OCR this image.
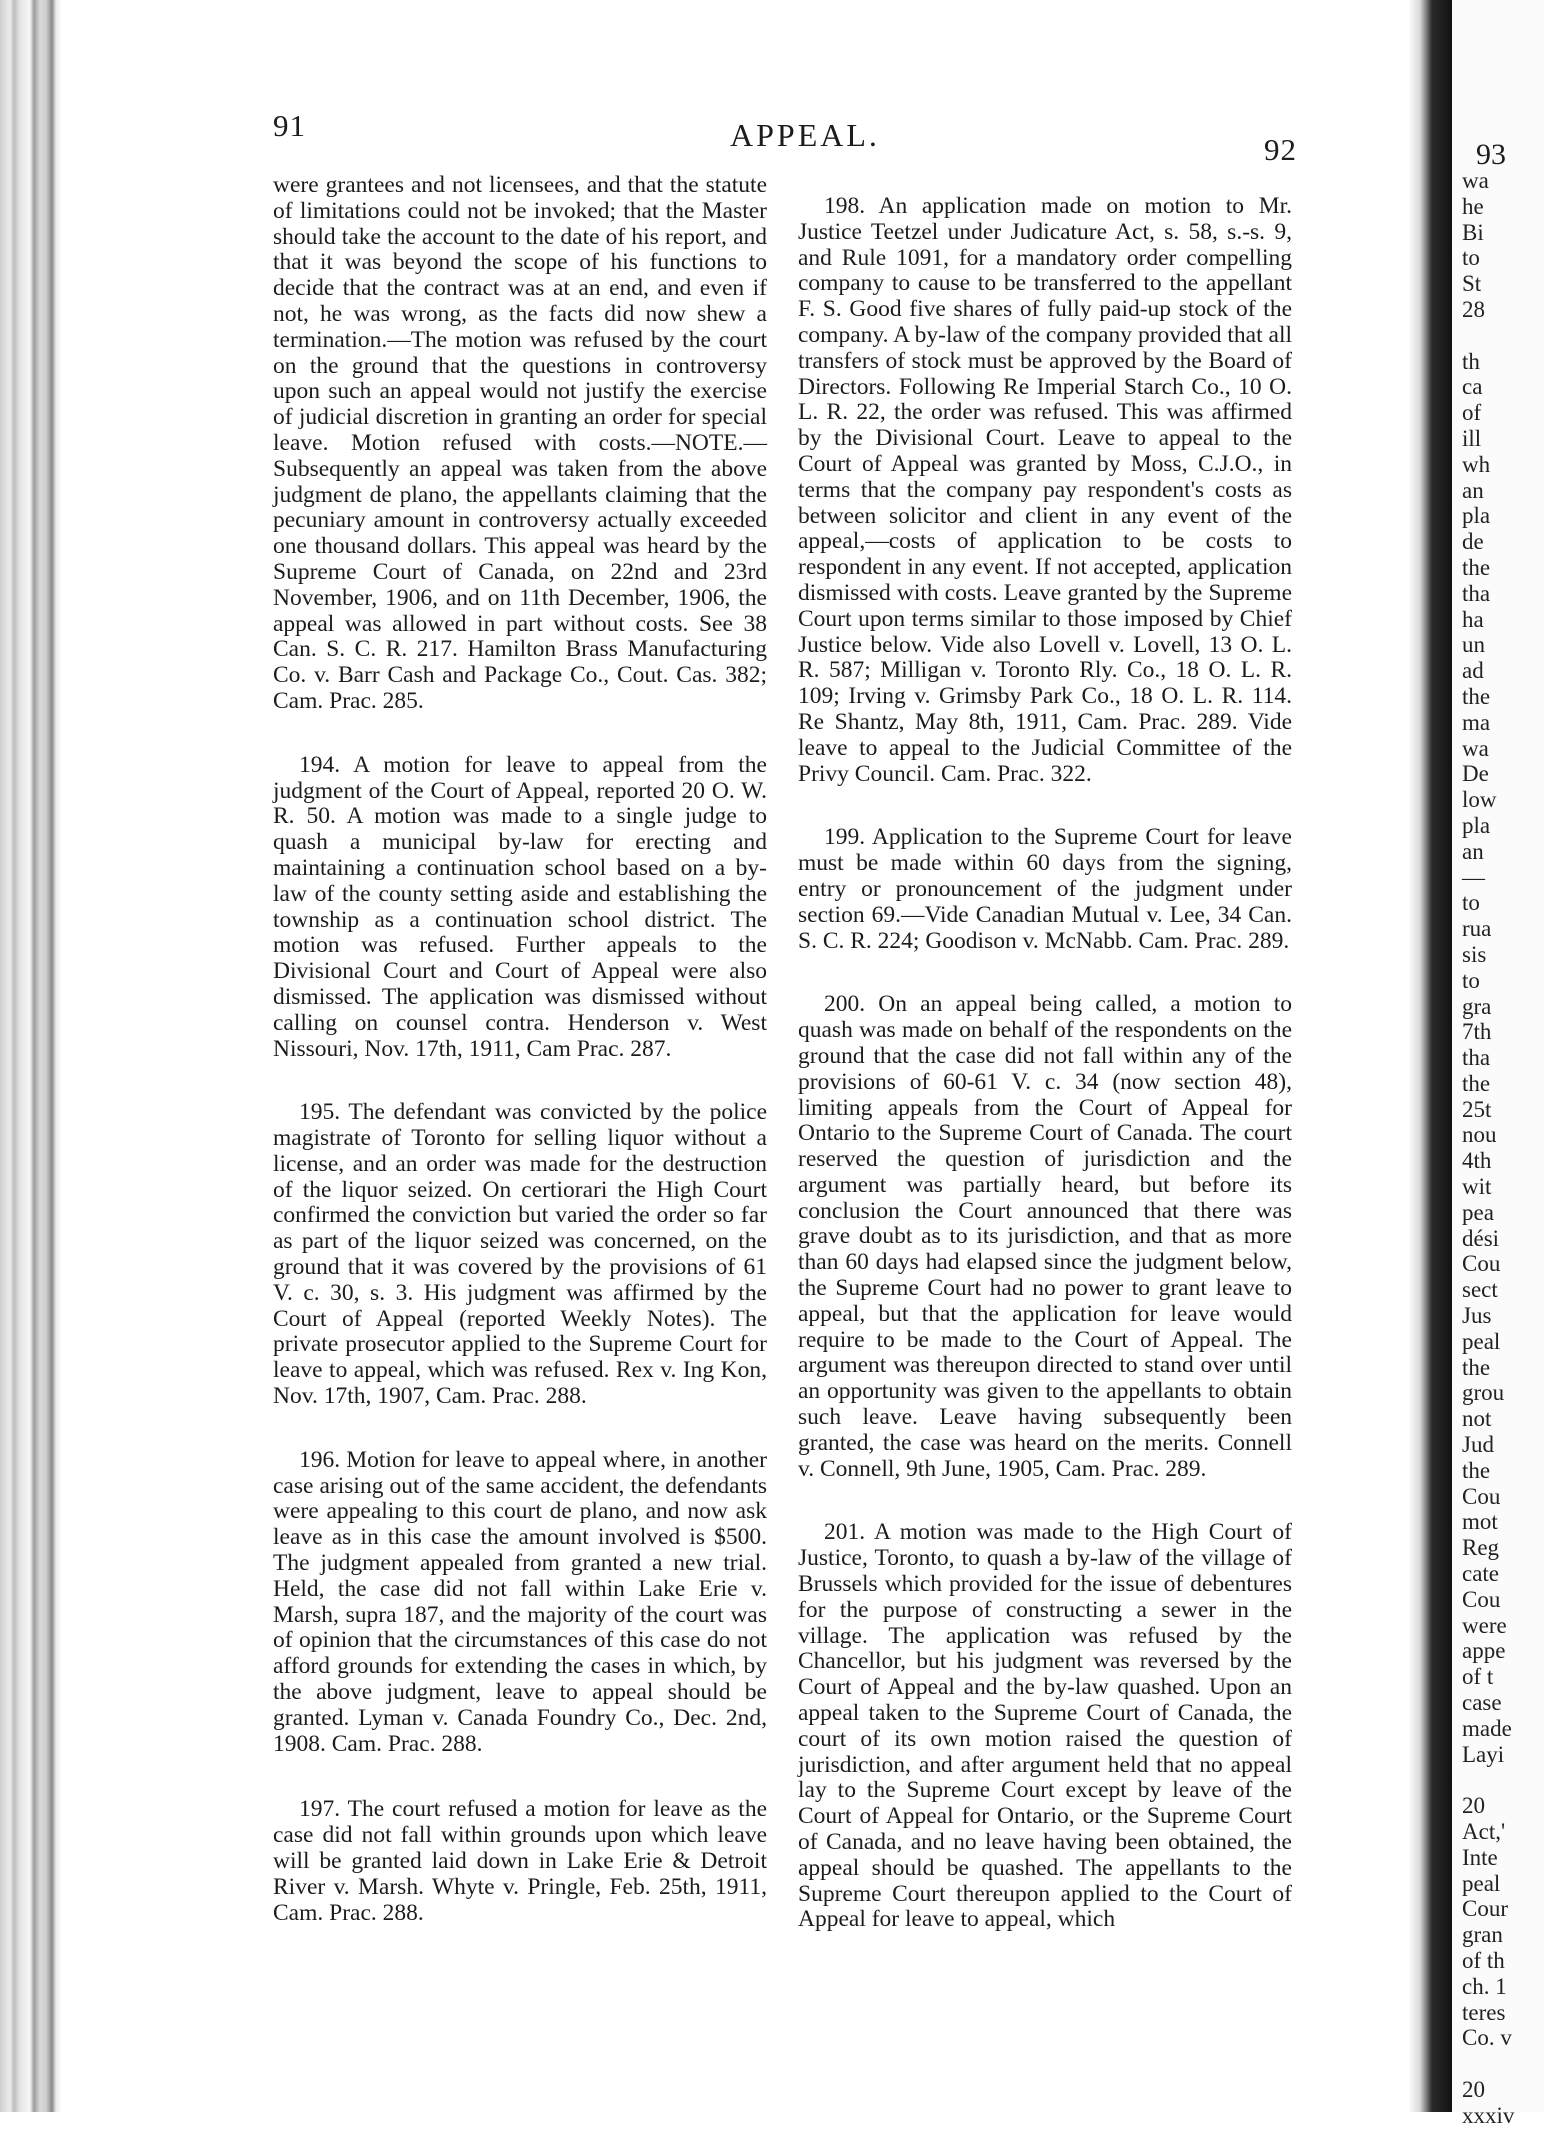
91	APPEAL.	92	93

were grantees and not licensees, and that the statute of limitations could not be invoked; that the Master should take the account to the date of his report, and that it was beyond the scope of his functions to decide that the contract was at an end, and even if not, he was wrong, as the facts did now shew a termination.—The motion was refused by the court on the ground that the questions in controversy upon such an appeal would not justify the exercise of judicial discretion in granting an order for special leave. Motion refused with costs.—NOTE.—Subsequently an appeal was taken from the above judgment de plano, the appellants claiming that the pecuniary amount in controversy actually exceeded one thousand dollars. This appeal was heard by the Supreme Court of Canada, on 22nd and 23rd November, 1906, and on 11th December, 1906, the appeal was allowed in part without costs. See 38 Can. S. C. R. 217. Hamilton Brass Manufacturing Co. v. Barr Cash and Package Co., Cout. Cas. 382; Cam. Prac. 285.

194. A motion for leave to appeal from the judgment of the Court of Appeal, reported 20 O. W. R. 50. A motion was made to a single judge to quash a municipal by-law for erecting and maintaining a continuation school based on a by-law of the county setting aside and establishing the township as a continuation school district. The motion was refused. Further appeals to the Divisional Court and Court of Appeal were also dismissed. The application was dismissed without calling on counsel contra. Henderson v. West Nissouri, Nov. 17th, 1911, Cam Prac. 287.

195. The defendant was convicted by the police magistrate of Toronto for selling liquor without a license, and an order was made for the destruction of the liquor seized. On certiorari the High Court confirmed the conviction but varied the order so far as part of the liquor seized was concerned, on the ground that it was covered by the provisions of 61 V. c. 30, s. 3. His judgment was affirmed by the Court of Appeal (reported Weekly Notes). The private prosecutor applied to the Supreme Court for leave to appeal, which was refused. Rex v. Ing Kon, Nov. 17th, 1907, Cam. Prac. 288.

196. Motion for leave to appeal where, in another case arising out of the same accident, the defendants were appealing to this court de plano, and now ask leave as in this case the amount involved is $500. The judgment appealed from granted a new trial. Held, the case did not fall within Lake Erie v. Marsh, supra 187, and the majority of the court was of opinion that the circumstances of this case do not afford grounds for extending the cases in which, by the above judgment, leave to appeal should be granted. Lyman v. Canada Foundry Co., Dec. 2nd, 1908. Cam. Prac. 288.

197. The court refused a motion for leave as the case did not fall within grounds upon which leave will be granted laid down in Lake Erie & Detroit River v. Marsh. Whyte v. Pringle, Feb. 25th, 1911, Cam. Prac. 288.

198. An application made on motion to Mr. Justice Teetzel under Judicature Act, s. 58, s.-s. 9, and Rule 1091, for a mandatory order compelling company to cause to be transferred to the appellant F. S. Good five shares of fully paid-up stock of the company. A by-law of the company provided that all transfers of stock must be approved by the Board of Directors. Following Re Imperial Starch Co., 10 O. L. R. 22, the order was refused. This was affirmed by the Divisional Court. Leave to appeal to the Court of Appeal was granted by Moss, C.J.O., in terms that the company pay respondent's costs as between solicitor and client in any event of the appeal,—costs of application to be costs to respondent in any event. If not accepted, application dismissed with costs. Leave granted by the Supreme Court upon terms similar to those imposed by Chief Justice below. Vide also Lovell v. Lovell, 13 O. L. R. 587; Milligan v. Toronto Rly. Co., 18 O. L. R. 109; Irving v. Grimsby Park Co., 18 O. L. R. 114. Re Shantz, May 8th, 1911, Cam. Prac. 289. Vide leave to appeal to the Judicial Committee of the Privy Council. Cam. Prac. 322.

199. Application to the Supreme Court for leave must be made within 60 days from the signing, entry or pronouncement of the judgment under section 69.—Vide Canadian Mutual v. Lee, 34 Can. S. C. R. 224; Goodison v. McNabb. Cam. Prac. 289.

200. On an appeal being called, a motion to quash was made on behalf of the respondents on the ground that the case did not fall within any of the provisions of 60-61 V. c. 34 (now section 48), limiting appeals from the Court of Appeal for Ontario to the Supreme Court of Canada. The court reserved the question of jurisdiction and the argument was partially heard, but before its conclusion the Court announced that there was grave doubt as to its jurisdiction, and that as more than 60 days had elapsed since the judgment below, the Supreme Court had no power to grant leave to appeal, but that the application for leave would require to be made to the Court of Appeal. The argument was thereupon directed to stand over until an opportunity was given to the appellants to obtain such leave. Leave having subsequently been granted, the case was heard on the merits. Connell v. Connell, 9th June, 1905, Cam. Prac. 289.

201. A motion was made to the High Court of Justice, Toronto, to quash a by-law of the village of Brussels which provided for the issue of debentures for the purpose of constructing a sewer in the village. The application was refused by the Chancellor, but his judgment was reversed by the Court of Appeal and the by-law quashed. Upon an appeal taken to the Supreme Court of Canada, the court of its own motion raised the question of jurisdiction, and after argument held that no appeal lay to the Supreme Court except by leave of the Court of Appeal for Ontario, or the Supreme Court of Canada, and no leave having been obtained, the appeal should be quashed. The appellants to the Supreme Court thereupon applied to the Court of Appeal for leave to appeal, which

wa
he
Bi
to
St
28

th
ca
of
ill
wh
an
pla
de
the
tha
ha
un
ad
the
ma
wa
De
low
pla
an
—
to
rua
sis
to
gra
7th
tha
the
25t
nou
4th
wit
pea
dési
Cou
sect
Jus
peal
the
grou
not
Jud
the
Cou
mot
Reg
cate
Cou
were
appe
of t
case
made
Layi

20
Act,'
Inte
peal
Cour
gran
of th
ch. 1
teres
Co. v

20
xxxiv
